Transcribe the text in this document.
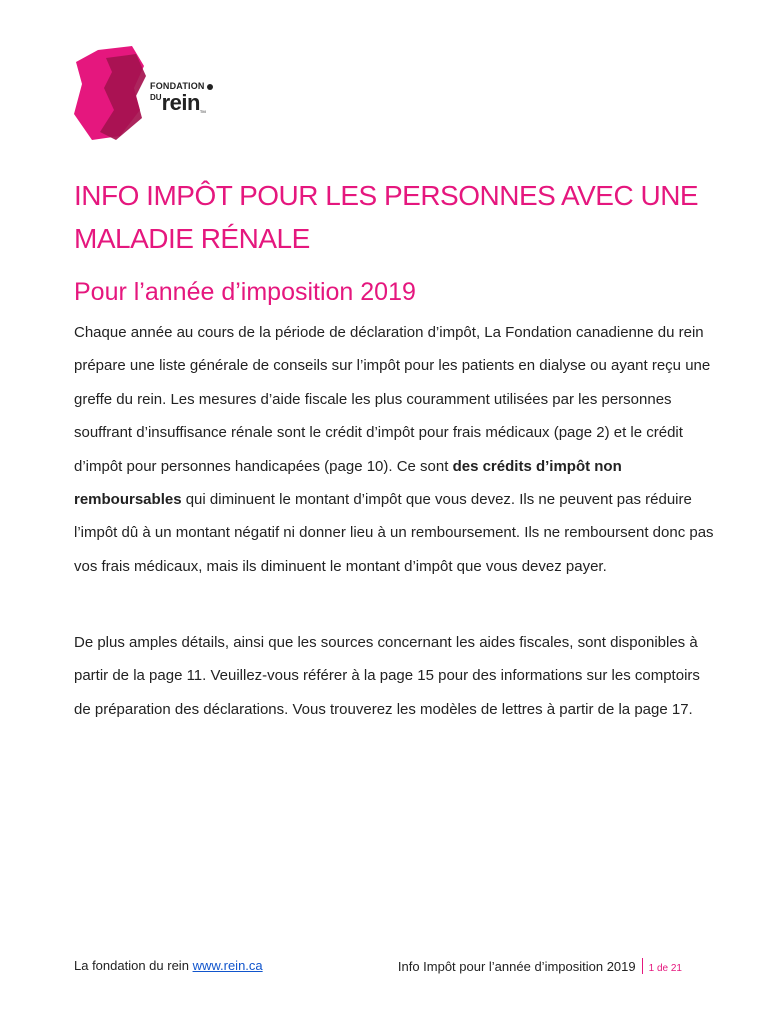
FONDATION
$^{DU}$reinTM
INFO IMPÔT POUR LES PERSONNES AVEC UNE MALADIE RÉNALE
Pour l’année d’imposition 2019

Chaque année au cours de la période de déclaration d’impôt, La Fondation canadienne du rein prépare une liste générale de conseils sur l’impôt pour les patients en dialyse ou ayant reçu une greffe du rein. Les mesures d’aide fiscale les plus couramment utilisées par les personnes souffrant d’insuffisance rénale sont le crédit d’impôt pour frais médicaux (page 2) et le crédit d’impôt pour personnes handicapées (page 10). Ce sont des crédits d’impôt non remboursables qui diminuent le montant d’impôt que vous devez. Ils ne peuvent pas réduire l’impôt dû à un montant négatif ni donner lieu à un remboursement. Ils ne remboursent donc pas vos frais médicaux, mais ils diminuent le montant d’impôt que vous devez payer.

De plus amples détails, ainsi que les sources concernant les aides fiscales, sont disponibles à partir de la page 11. Veuillez-vous référer à la page 15 pour des informations sur les comptoirs de préparation des déclarations. Vous trouverez les modèles de lettres à partir de la page 17.

La fondation du rein www.rein.ca	Info Impôt pour l’année d’imposition 2019 1 de 21
